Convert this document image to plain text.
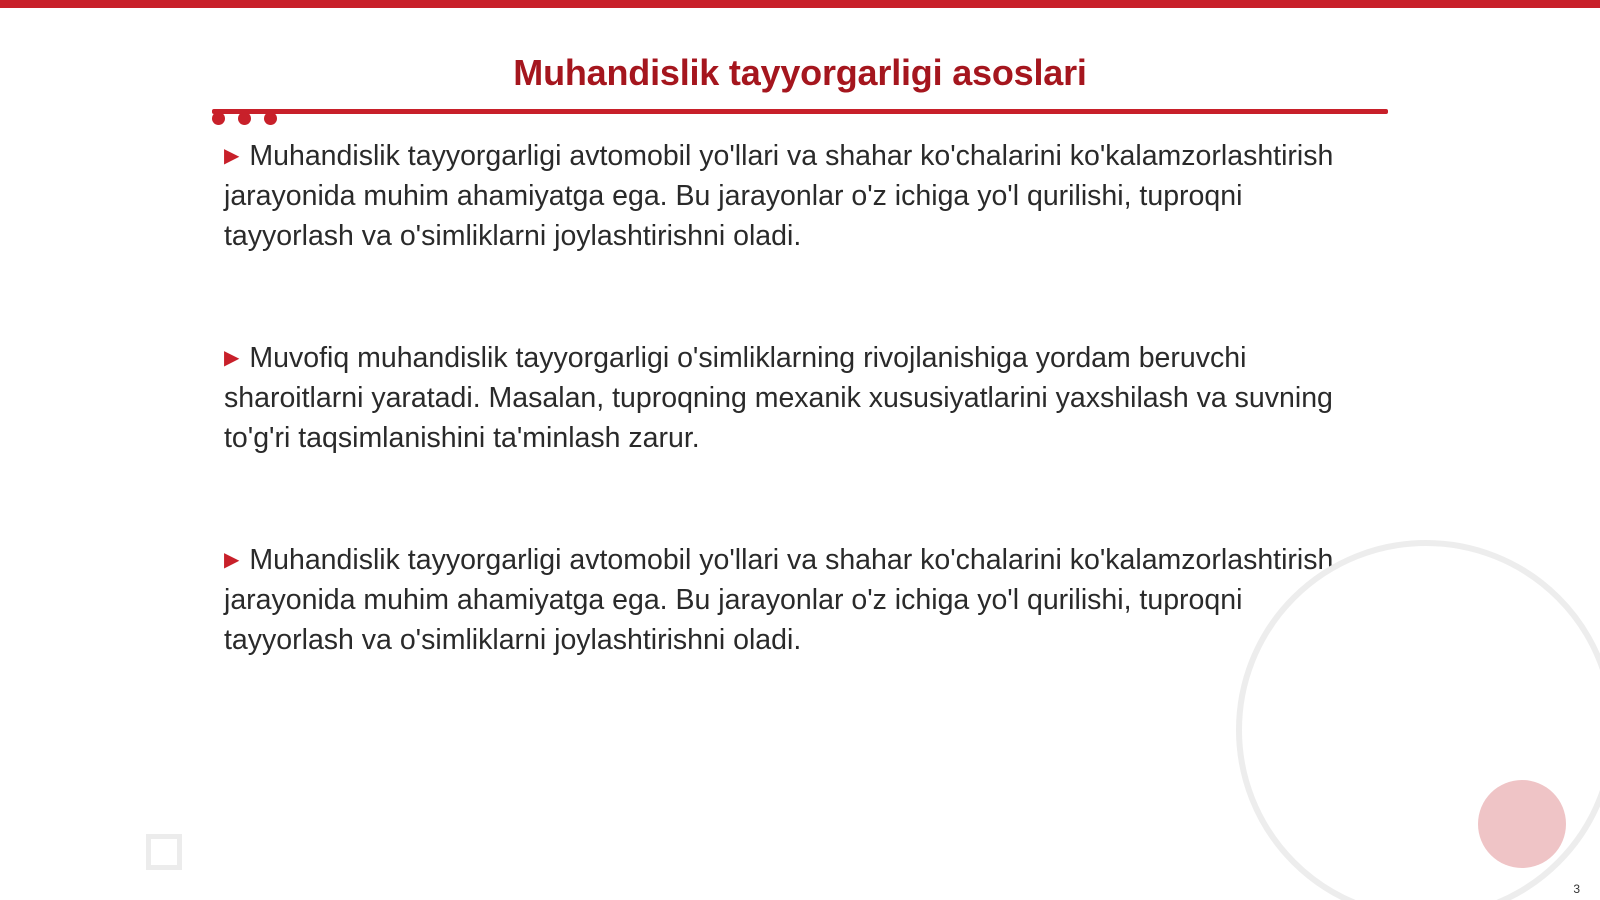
Muhandislik tayyorgarligi asoslari

▶ Muhandislik tayyorgarligi avtomobil yo'llari va shahar ko'chalarini ko'kalamzorlashtirish jarayonida muhim ahamiyatga ega. Bu jarayonlar o'z ichiga yo'l qurilishi, tuproqni tayyorlash va o'simliklarni joylashtirishni oladi.

▶ Muvofiq muhandislik tayyorgarligi o'simliklarning rivojlanishiga yordam beruvchi sharoitlarni yaratadi. Masalan, tuproqning mexanik xususiyatlarini yaxshilash va suvning to'g'ri taqsimlanishini ta'minlash zarur.

▶ Muhandislik tayyorgarligi avtomobil yo'llari va shahar ko'chalarini ko'kalamzorlashtirish jarayonida muhim ahamiyatga ega. Bu jarayonlar o'z ichiga yo'l qurilishi, tuproqni tayyorlash va o'simliklarni joylashtirishni oladi.

3
